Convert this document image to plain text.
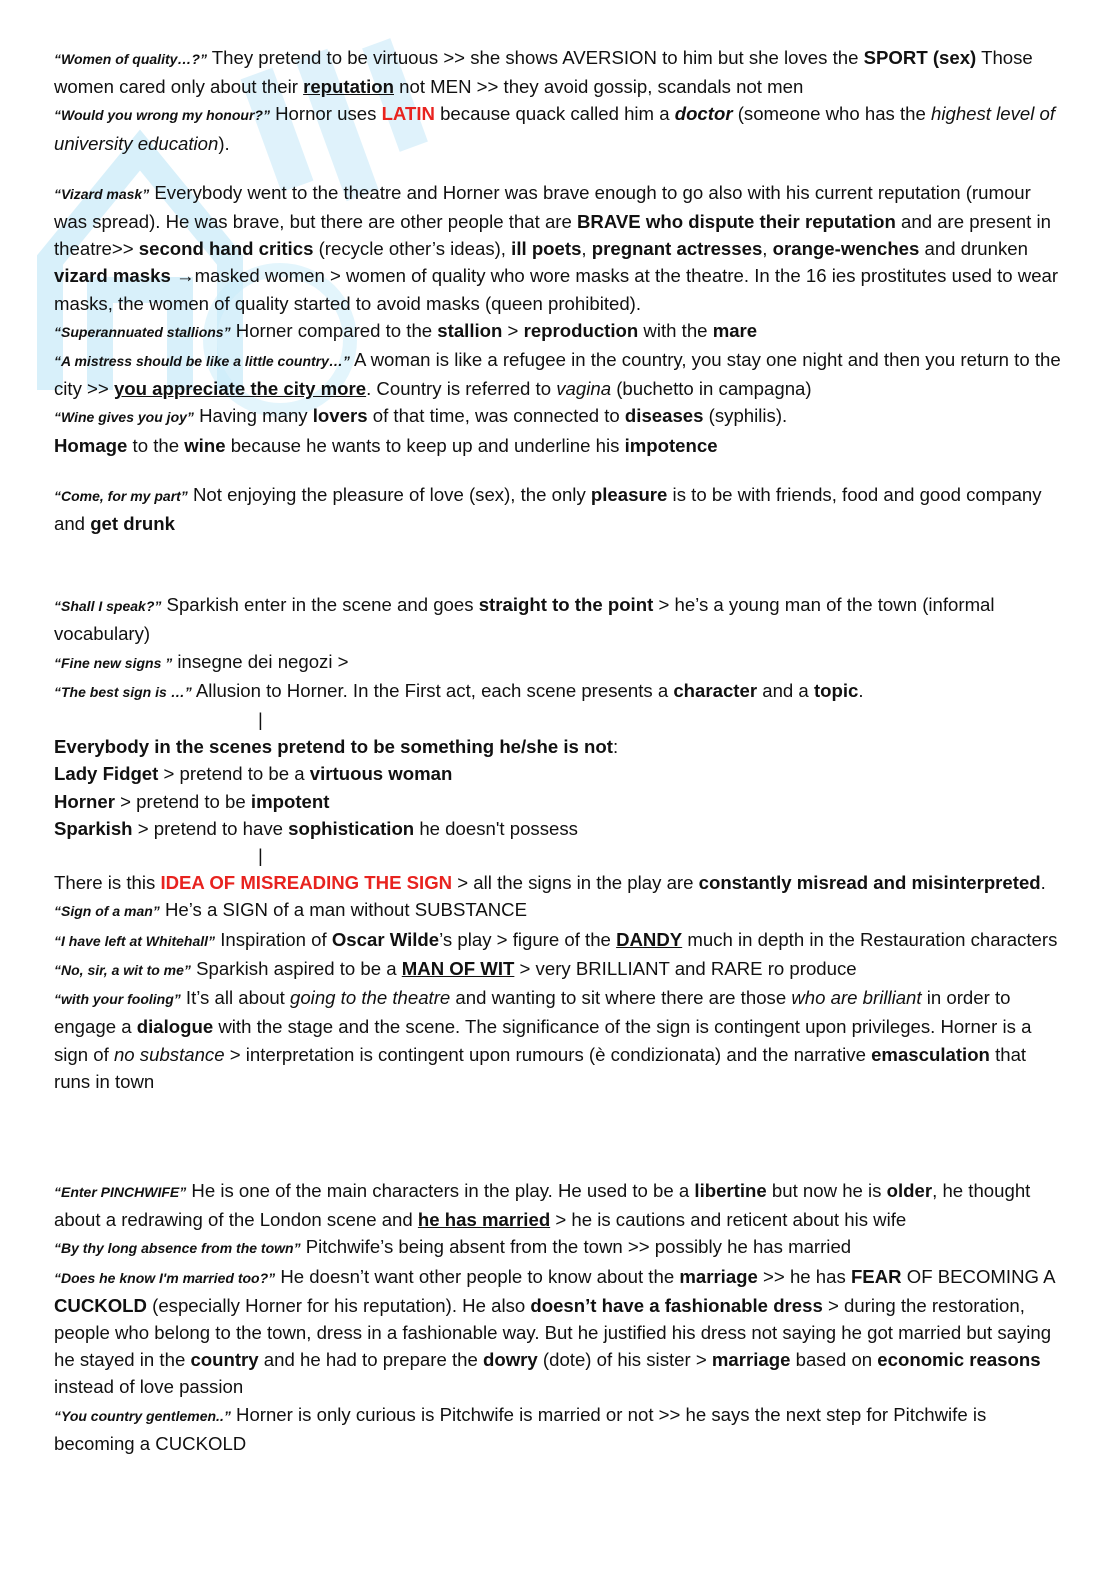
“Women of quality…?” They pretend to be virtuous >> she shows AVERSION to him but she loves the SPORT (sex) Those women cared only about their reputation not MEN >> they avoid gossip, scandals not men

“Would you wrong my honour?” Hornor uses LATIN because quack called him a doctor (someone who has the highest level of university education).

“Vizard mask” Everybody went to the theatre and Horner was brave enough to go also with his current reputation (rumour was spread). He was brave, but there are other people that are BRAVE who dispute their reputation and are present in theatre>> second hand critics (recycle other’s ideas), ill poets, pregnant actresses, orange-wenches and drunken vizard masks →masked women > women of quality who wore masks at the theatre. In the 16 ies prostitutes used to wear masks, the women of quality started to avoid masks (queen prohibited).

“Superannuated stallions” Horner compared to the stallion > reproduction with the mare

“A mistress should be like a little country…” A woman is like a refugee in the country, you stay one night and then you return to the city >> you appreciate the city more. Country is referred to vagina (buchetto in campagna)

“Wine gives you joy” Having many lovers of that time, was connected to diseases (syphilis).

Homage to the wine because he wants to keep up and underline his impotence

“Come, for my part” Not enjoying the pleasure of love (sex), the only pleasure is to be with friends, food and good company and get drunk

“Shall I speak?” Sparkish enter in the scene and goes straight to the point > he’s a young man of the town (informal vocabulary)

“Fine new signs ” insegne dei negozi >

“The best sign is …” Allusion to Horner. In the First act, each scene presents a character and a topic.

|

Everybody in the scenes pretend to be something he/she is not:

Lady Fidget > pretend to be a virtuous woman

Horner > pretend to be impotent

Sparkish > pretend to have sophistication he doesn't possess

|

There is this IDEA OF MISREADING THE SIGN > all the signs in the play are constantly misread and misinterpreted.

“Sign of a man” He’s a SIGN of a man without SUBSTANCE

“I have left at Whitehall” Inspiration of Oscar Wilde’s play > figure of the DANDY much in depth in the Restauration characters

“No, sir, a wit to me” Sparkish aspired to be a MAN OF WIT > very BRILLIANT and RARE ro produce

“with your fooling” It’s all about going to the theatre and wanting to sit where there are those who are brilliant in order to engage a dialogue with the stage and the scene. The significance of the sign is contingent upon privileges. Horner is a sign of no substance > interpretation is contingent upon rumours (è condizionata) and the narrative emasculation that runs in town

“Enter PINCHWIFE” He is one of the main characters in the play. He used to be a libertine but now he is older, he thought about a redrawing of the London scene and he has married > he is cautions and reticent about his wife

“By thy long absence from the town” Pitchwife’s being absent from the town >> possibly he has married

“Does he know I'm married too?” He doesn’t want other people to know about the marriage >> he has FEAR OF BECOMING A CUCKOLD (especially Horner for his reputation). He also doesn’t have a fashionable dress > during the restoration, people who belong to the town, dress in a fashionable way. But he justified his dress not saying he got married but saying he stayed in the country and he had to prepare the dowry (dote) of his sister > marriage based on economic reasons instead of love passion

“You country gentlemen..” Horner is only curious is Pitchwife is married or not >> he says the next step for Pitchwife is becoming a CUCKOLD
